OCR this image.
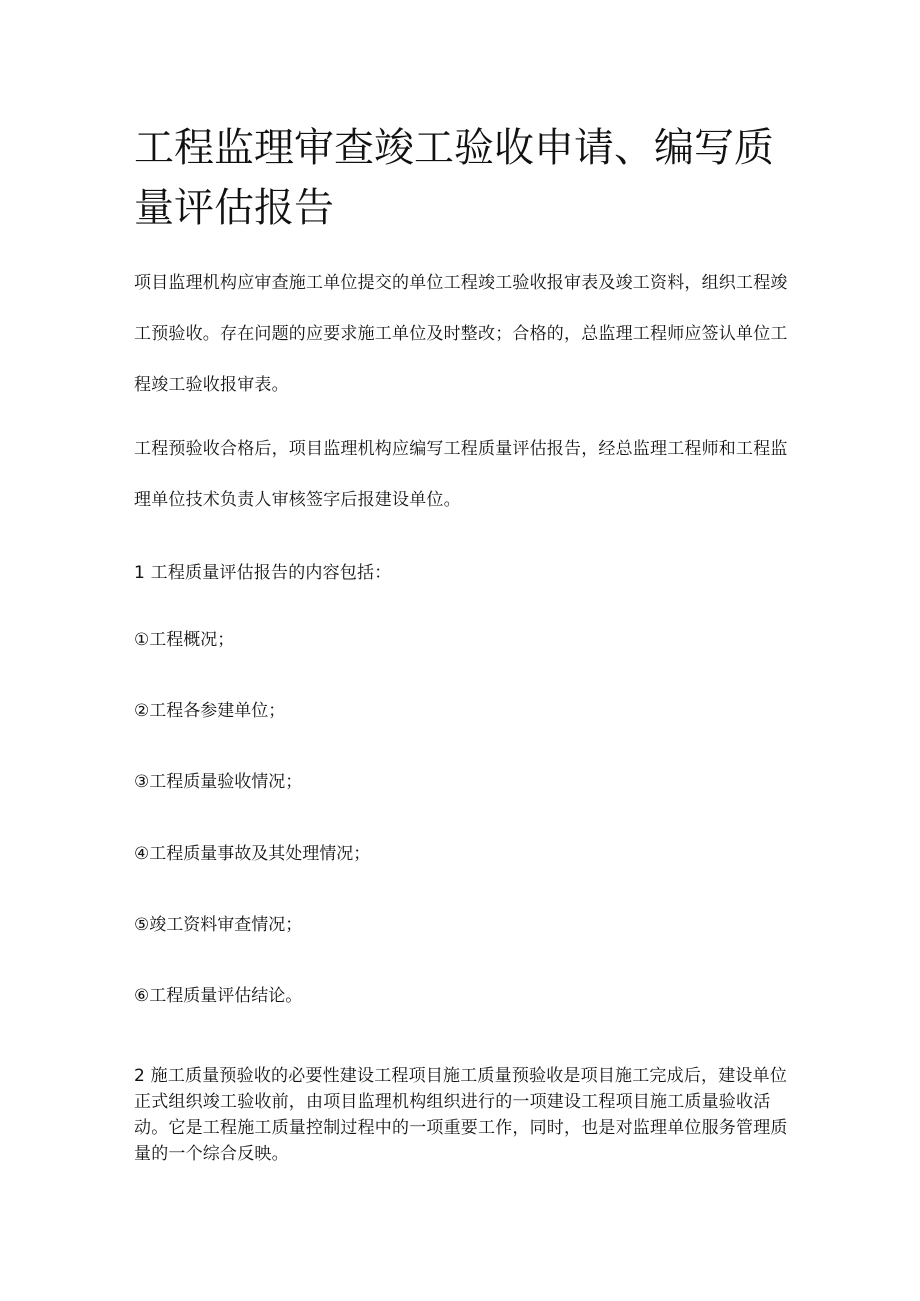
工程监理审查竣工验收申请、编写质量评估报告

项目监理机构应审查施工单位提交的单位工程竣工验收报审表及竣工资料，组织工程竣工预验收。存在问题的应要求施工单位及时整改；合格的，总监理工程师应签认单位工程竣工验收报审表。

工程预验收合格后，项目监理机构应编写工程质量评估报告，经总监理工程师和工程监理单位技术负责人审核签字后报建设单位。

1 工程质量评估报告的内容包括：

①工程概况；

②工程各参建单位；

③工程质量验收情况；

④工程质量事故及其处理情况；

⑤竣工资料审查情况；

⑥工程质量评估结论。

2 施工质量预验收的必要性建设工程项目施工质量预验收是项目施工完成后，建设单位正式组织竣工验收前，由项目监理机构组织进行的一项建设工程项目施工质量验收活动。它是工程施工质量控制过程中的一项重要工作，同时，也是对监理单位服务管理质量的一个综合反映。
